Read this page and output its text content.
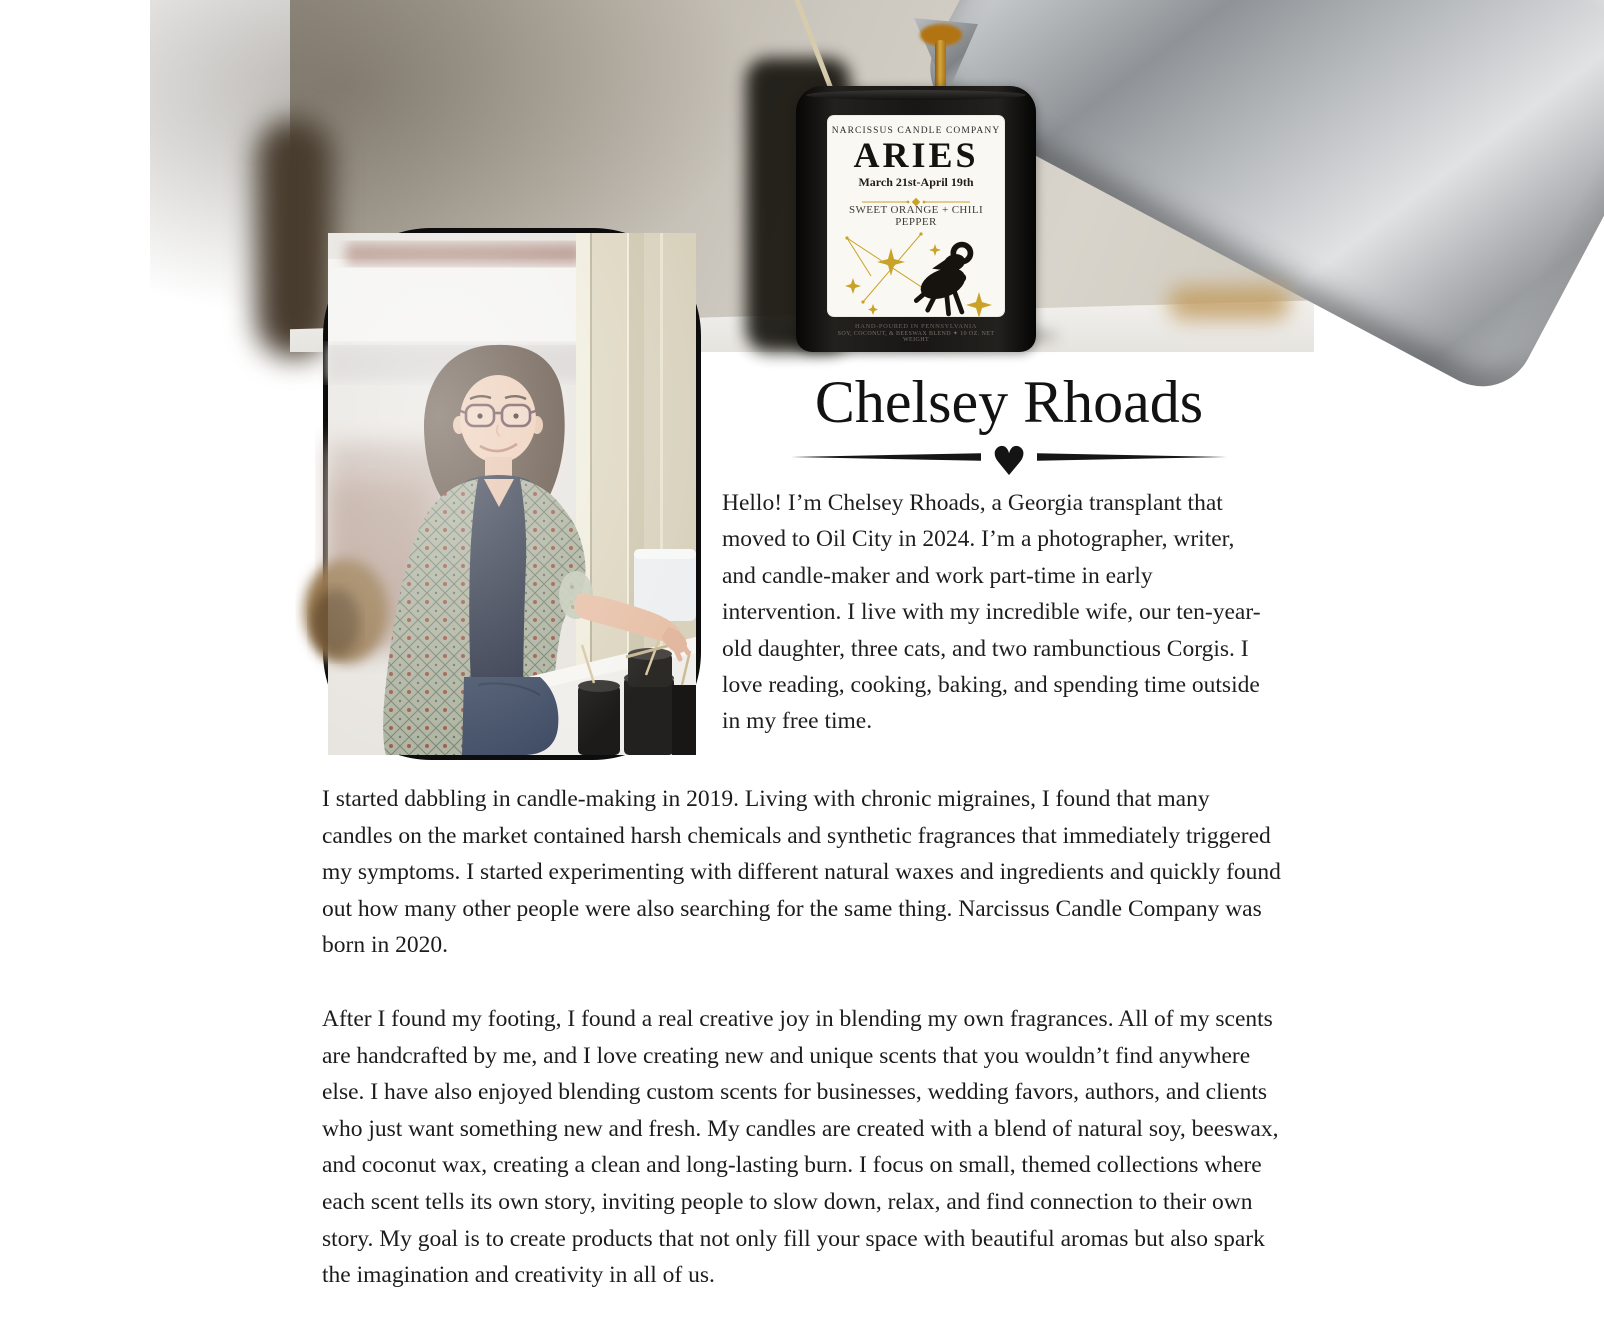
NARCISSUS CANDLE COMPANY
ARIES
March 21st-April 19th
SWEET ORANGE + CHILI PEPPER
HAND-POURED IN PENNSYLVANIA
SOY, COCONUT, & BEESWAX BLEND ✦ 10 OZ. NET WEIGHT
Chelsey Rhoads
♥

Hello! I’m Chelsey Rhoads, a Georgia transplant that moved to Oil City in 2024. I’m a photographer, writer, and candle-maker and work part-time in early intervention. I live with my incredible wife, our ten-year-old daughter, three cats, and two rambunctious Corgis. I love reading, cooking, baking, and spending time outside in my free time.

I started dabbling in candle-making in 2019. Living with chronic migraines, I found that many candles on the market contained harsh chemicals and synthetic fragrances that immediately triggered my symptoms. I started experimenting with different natural waxes and ingredients and quickly found out how many other people were also searching for the same thing. Narcissus Candle Company was born in 2020.

After I found my footing, I found a real creative joy in blending my own fragrances. All of my scents are handcrafted by me, and I love creating new and unique scents that you wouldn’t find anywhere else. I have also enjoyed blending custom scents for businesses, wedding favors, authors, and clients who just want something new and fresh. My candles are created with a blend of natural soy, beeswax, and coconut wax, creating a clean and long-lasting burn. I focus on small, themed collections where each scent tells its own story, inviting people to slow down, relax, and find connection to their own story. My goal is to create products that not only fill your space with beautiful aromas but also spark the imagination and creativity in all of us.
